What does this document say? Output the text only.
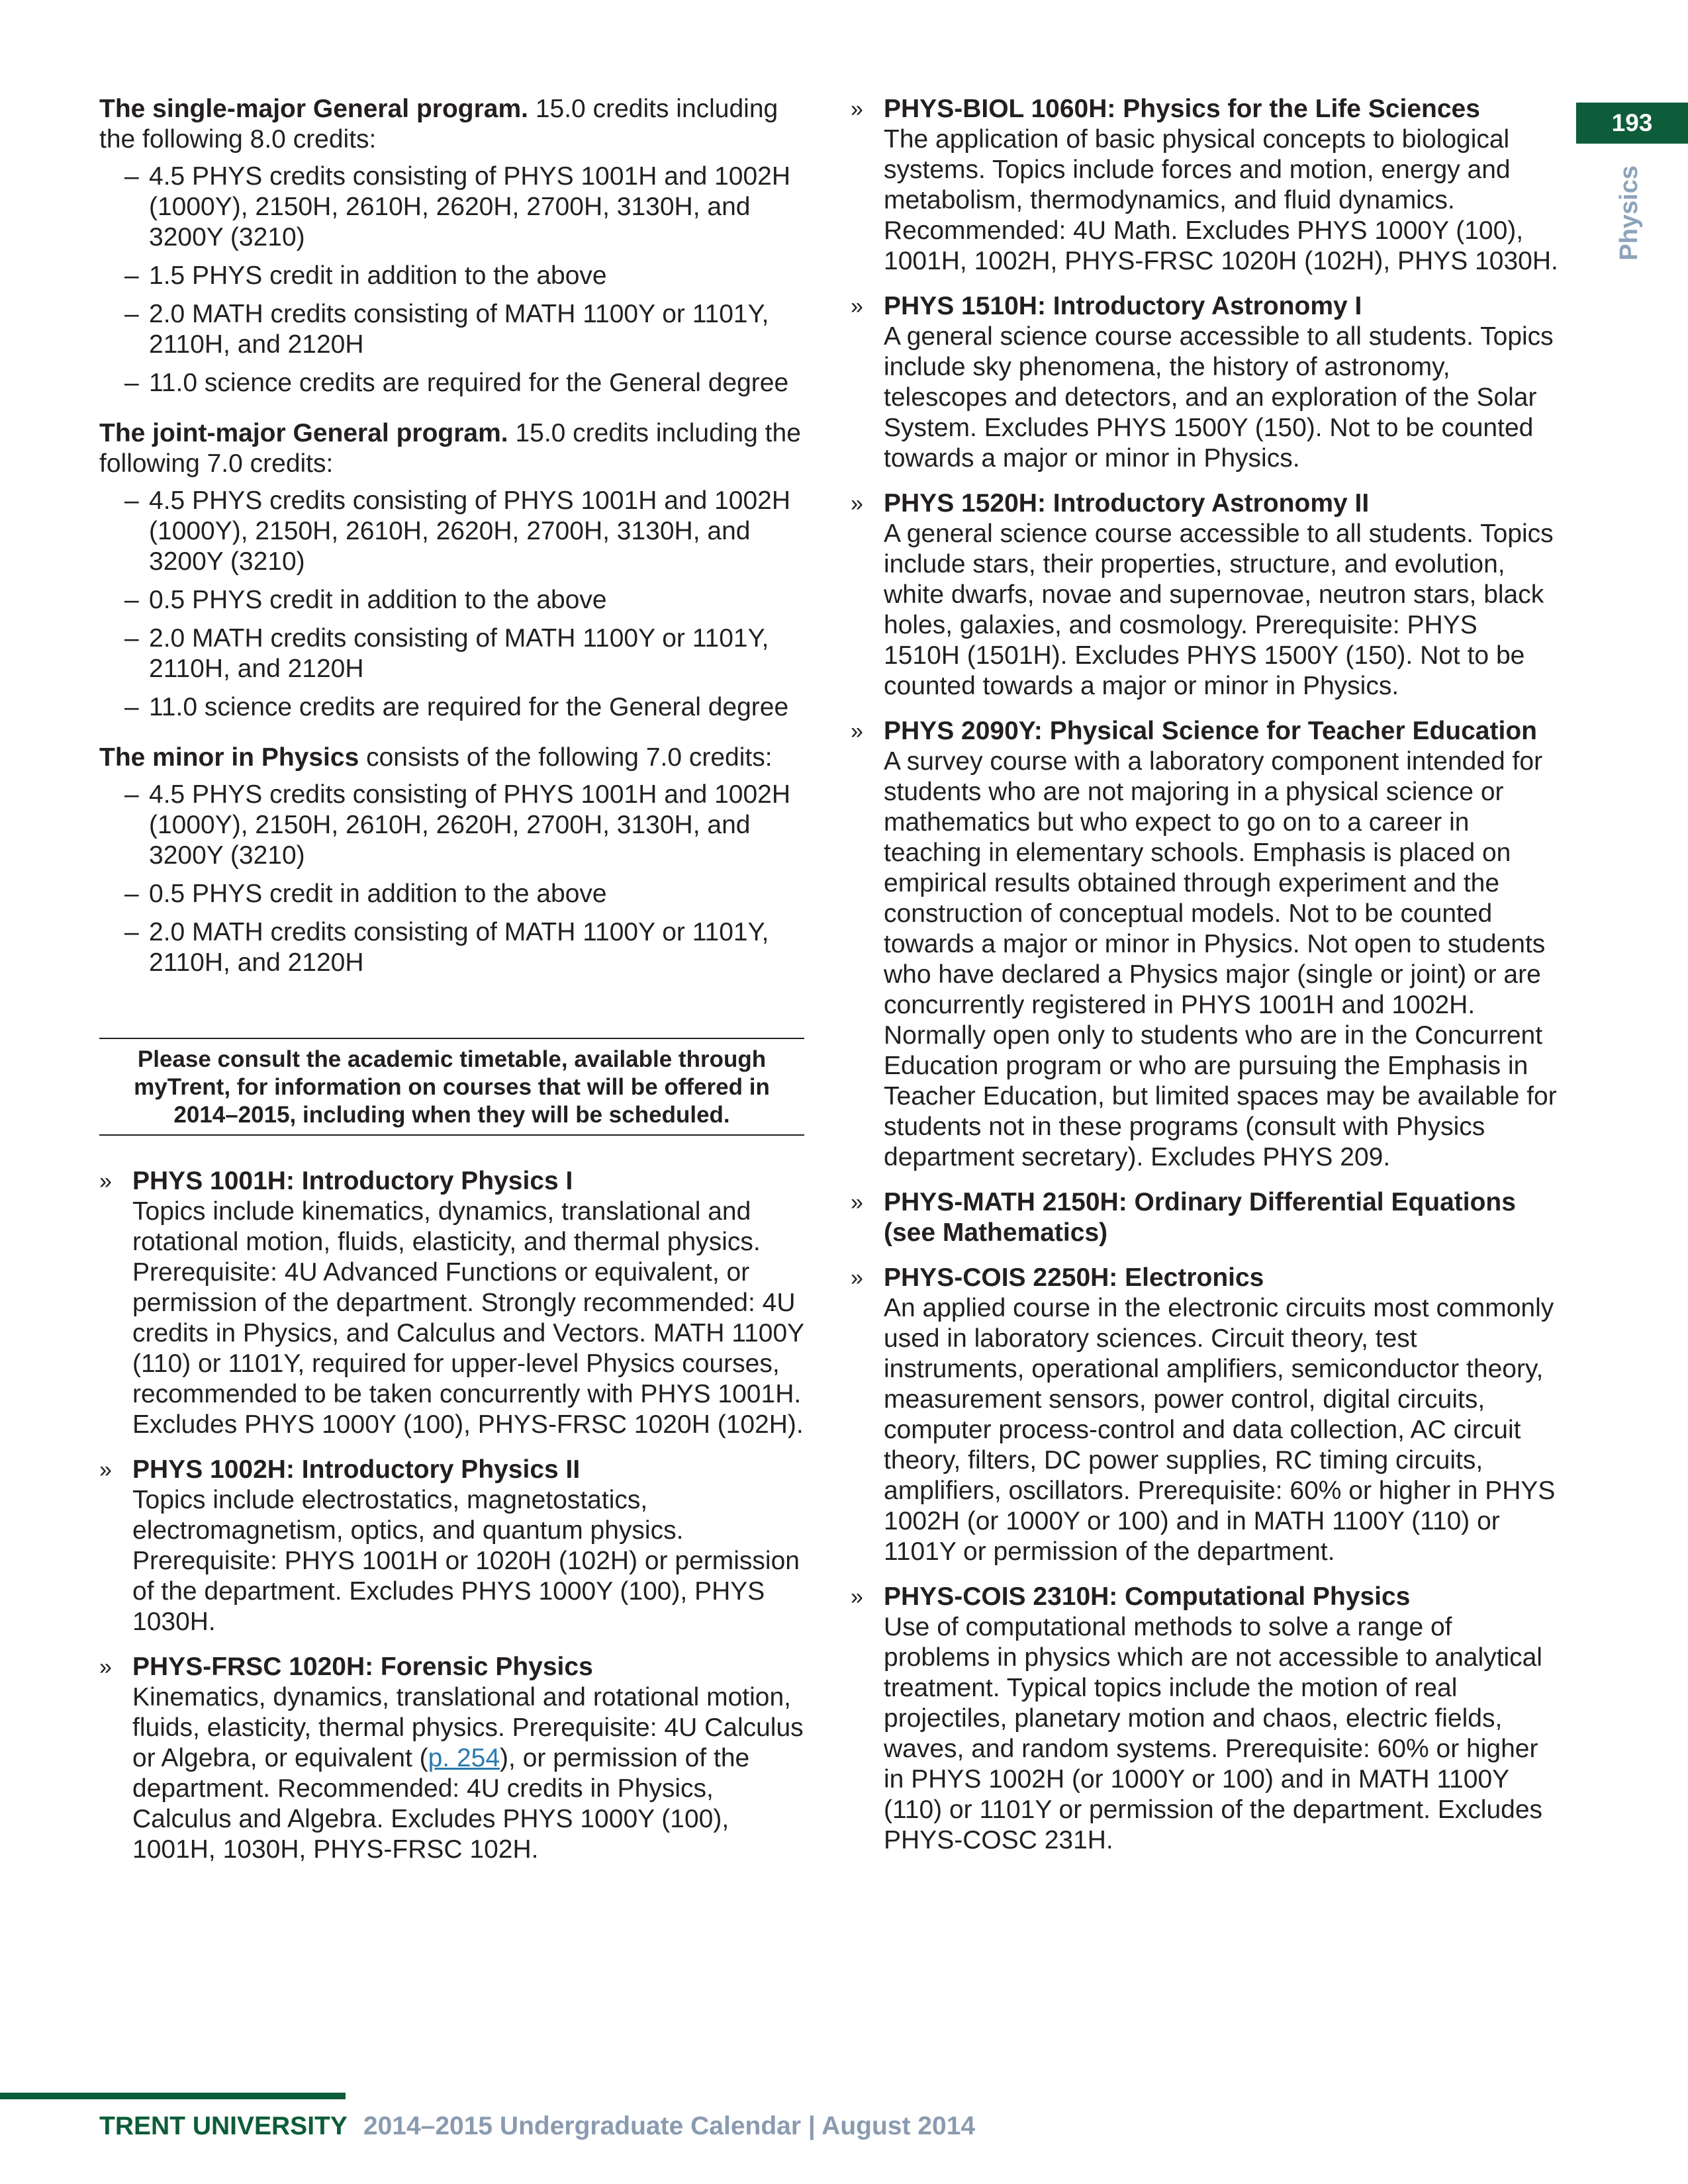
193
Physics
The single-major General program. 15.0 credits including the following 8.0 credits:
– 4.5 PHYS credits consisting of PHYS 1001H and 1002H (1000Y), 2150H, 2610H, 2620H, 2700H, 3130H, and 3200Y (3210)
– 1.5 PHYS credit in addition to the above
– 2.0 MATH credits consisting of MATH 1100Y or 1101Y, 2110H, and 2120H
– 11.0 science credits are required for the General degree
The joint-major General program. 15.0 credits including the following 7.0 credits:
– 4.5 PHYS credits consisting of PHYS 1001H and 1002H (1000Y), 2150H, 2610H, 2620H, 2700H, 3130H, and 3200Y (3210)
– 0.5 PHYS credit in addition to the above
– 2.0 MATH credits consisting of MATH 1100Y or 1101Y, 2110H, and 2120H
– 11.0 science credits are required for the General degree
The minor in Physics consists of the following 7.0 credits:
– 4.5 PHYS credits consisting of PHYS 1001H and 1002H (1000Y), 2150H, 2610H, 2620H, 2700H, 3130H, and 3200Y (3210)
– 0.5 PHYS credit in addition to the above
– 2.0 MATH credits consisting of MATH 1100Y or 1101Y, 2110H, and 2120H
Please consult the academic timetable, available through myTrent, for information on courses that will be offered in 2014–2015, including when they will be scheduled.
» PHYS 1001H: Introductory Physics I
Topics include kinematics, dynamics, translational and rotational motion, fluids, elasticity, and thermal physics. Prerequisite: 4U Advanced Functions or equivalent, or permission of the department. Strongly recommended: 4U credits in Physics, and Calculus and Vectors. MATH 1100Y (110) or 1101Y, required for upper-level Physics courses, recommended to be taken concurrently with PHYS 1001H. Excludes PHYS 1000Y (100), PHYS-FRSC 1020H (102H).
» PHYS 1002H: Introductory Physics II
Topics include electrostatics, magnetostatics, electromagnetism, optics, and quantum physics. Prerequisite: PHYS 1001H or 1020H (102H) or permission of the department. Excludes PHYS 1000Y (100), PHYS 1030H.
» PHYS-FRSC 1020H: Forensic Physics
Kinematics, dynamics, translational and rotational motion, fluids, elasticity, thermal physics. Prerequisite: 4U Calculus or Algebra, or equivalent (p. 254), or permission of the department. Recommended: 4U credits in Physics, Calculus and Algebra. Excludes PHYS 1000Y (100), 1001H, 1030H, PHYS-FRSC 102H.
» PHYS-BIOL 1060H: Physics for the Life Sciences
The application of basic physical concepts to biological systems. Topics include forces and motion, energy and metabolism, thermodynamics, and fluid dynamics. Recommended: 4U Math. Excludes PHYS 1000Y (100), 1001H, 1002H, PHYS-FRSC 1020H (102H), PHYS 1030H.
» PHYS 1510H: Introductory Astronomy I
A general science course accessible to all students. Topics include sky phenomena, the history of astronomy, telescopes and detectors, and an exploration of the Solar System. Excludes PHYS 1500Y (150). Not to be counted towards a major or minor in Physics.
» PHYS 1520H: Introductory Astronomy II
A general science course accessible to all students. Topics include stars, their properties, structure, and evolution, white dwarfs, novae and supernovae, neutron stars, black holes, galaxies, and cosmology. Prerequisite: PHYS 1510H (1501H). Excludes PHYS 1500Y (150). Not to be counted towards a major or minor in Physics.
» PHYS 2090Y: Physical Science for Teacher Education
A survey course with a laboratory component intended for students who are not majoring in a physical science or mathematics but who expect to go on to a career in teaching in elementary schools. Emphasis is placed on empirical results obtained through experiment and the construction of conceptual models. Not to be counted towards a major or minor in Physics. Not open to students who have declared a Physics major (single or joint) or are concurrently registered in PHYS 1001H and 1002H. Normally open only to students who are in the Concurrent Education program or who are pursuing the Emphasis in Teacher Education, but limited spaces may be available for students not in these programs (consult with Physics department secretary). Excludes PHYS 209.
» PHYS-MATH 2150H: Ordinary Differential Equations (see Mathematics)
» PHYS-COIS 2250H: Electronics
An applied course in the electronic circuits most commonly used in laboratory sciences. Circuit theory, test instruments, operational amplifiers, semiconductor theory, measurement sensors, power control, digital circuits, computer process-control and data collection, AC circuit theory, filters, DC power supplies, RC timing circuits, amplifiers, oscillators. Prerequisite: 60% or higher in PHYS 1002H (or 1000Y or 100) and in MATH 1100Y (110) or 1101Y or permission of the department.
» PHYS-COIS 2310H: Computational Physics
Use of computational methods to solve a range of problems in physics which are not accessible to analytical treatment. Typical topics include the motion of real projectiles, planetary motion and chaos, electric fields, waves, and random systems. Prerequisite: 60% or higher in PHYS 1002H (or 1000Y or 100) and in MATH 1100Y (110) or 1101Y or permission of the department. Excludes PHYS-COSC 231H.
TRENT UNIVERSITY 2014–2015 Undergraduate Calendar | August 2014
